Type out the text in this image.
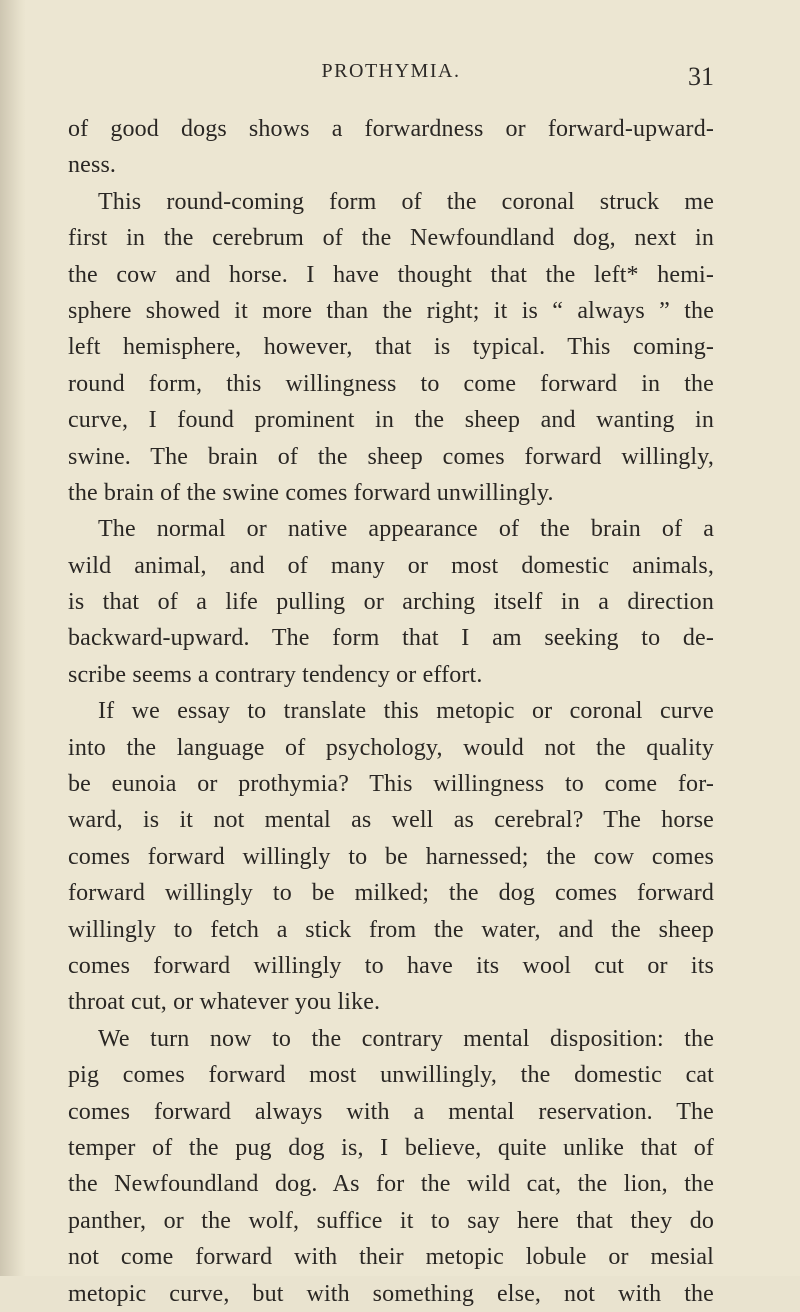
PROTHYMIA.	31
of good dogs shows a forwardness or forward-upward-
ness.
This round-coming form of the coronal struck me
first in the cerebrum of the Newfoundland dog, next in
the cow and horse. I have thought that the left* hemi-
sphere showed it more than the right; it is “ always ” the
left hemisphere, however, that is typical. This coming-
round form, this willingness to come forward in the
curve, I found prominent in the sheep and wanting in
swine. The brain of the sheep comes forward willingly,
the brain of the swine comes forward unwillingly.
The normal or native appearance of the brain of a
wild animal, and of many or most domestic animals,
is that of a life pulling or arching itself in a direction
backward-upward. The form that I am seeking to de-
scribe seems a contrary tendency or effort.
If we essay to translate this metopic or coronal curve
into the language of psychology, would not the quality
be eunoia or prothymia? This willingness to come for-
ward, is it not mental as well as cerebral? The horse
comes forward willingly to be harnessed; the cow comes
forward willingly to be milked; the dog comes forward
willingly to fetch a stick from the water, and the sheep
comes forward willingly to have its wool cut or its
throat cut, or whatever you like.
We turn now to the contrary mental disposition: the
pig comes forward most unwillingly, the domestic cat
comes forward always with a mental reservation. The
temper of the pug dog is, I believe, quite unlike that of
the Newfoundland dog. As for the wild cat, the lion, the
panther, or the wolf, suffice it to say here that they do
not come forward with their metopic lobule or mesial
metopic curve, but with something else, not with the
